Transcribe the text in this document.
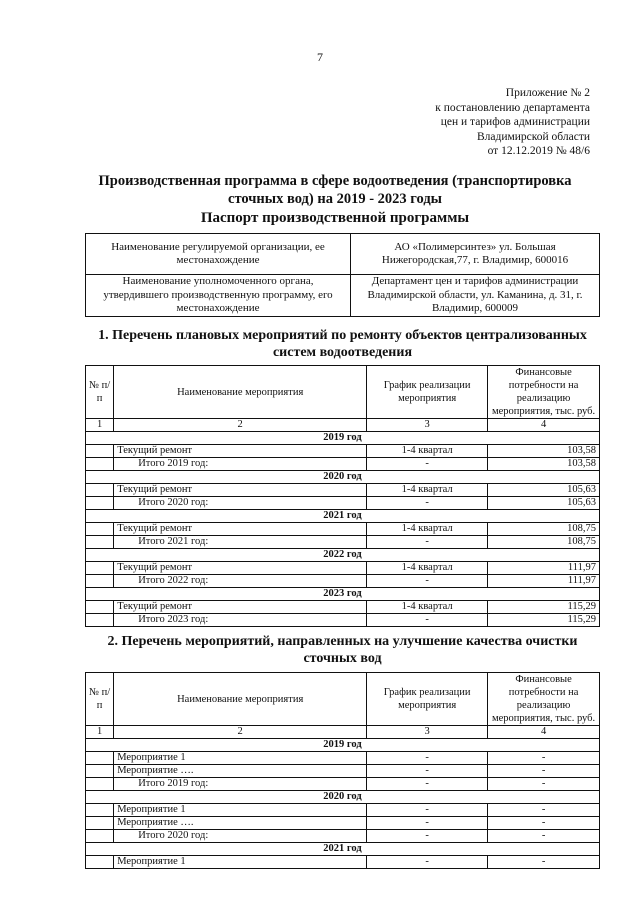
7
Приложение № 2
к постановлению департамента
цен и тарифов администрации
Владимирской области
от 12.12.2019 № 48/6
Производственная программа в сфере водоотведения (транспортировка сточных вод) на 2019 - 2023 годы
Паспорт производственной программы
Наименование регулируемой организации, ее местонахождение	АО «Полимерсинтез» ул. Большая Нижегородская,77, г. Владимир, 600016
Наименование уполномоченного органа, утвердившего производственную программу, его местонахождение	Департамент цен и тарифов администрации Владимирской области, ул. Каманина, д. 31, г. Владимир, 600009
1. Перечень плановых мероприятий по ремонту объектов централизованных систем водоотведения
№ п/п	Наименование мероприятия	График реализации мероприятия	Финансовые потребности на реализацию мероприятия, тыс. руб.
1	2	3	4
2019 год			
	Текущий ремонт	1-4 квартал	103,58
	Итого 2019 год:	-	103,58
2020 год			
	Текущий ремонт	1-4 квартал	105,63
	Итого 2020 год:	-	105,63
2021 год			
	Текущий ремонт	1-4 квартал	108,75
	Итого 2021 год:	-	108,75
2022 год			
	Текущий ремонт	1-4 квартал	111,97
	Итого 2022 год:	-	111,97
2023 год			
	Текущий ремонт	1-4 квартал	115,29
	Итого 2023 год:	-	115,29
2. Перечень мероприятий, направленных на улучшение качества очистки сточных вод
№ п/п	Наименование мероприятия	График реализации мероприятия	Финансовые потребности на реализацию мероприятия, тыс. руб.
1	2	3	4
2019 год			
	Мероприятие 1	-	-
	Мероприятие ….	-	-
	Итого 2019 год:	-	-
2020 год			
	Мероприятие 1	-	-
	Мероприятие ….	-	-
	Итого 2020 год:	-	-
2021 год			
	Мероприятие 1	-	-
